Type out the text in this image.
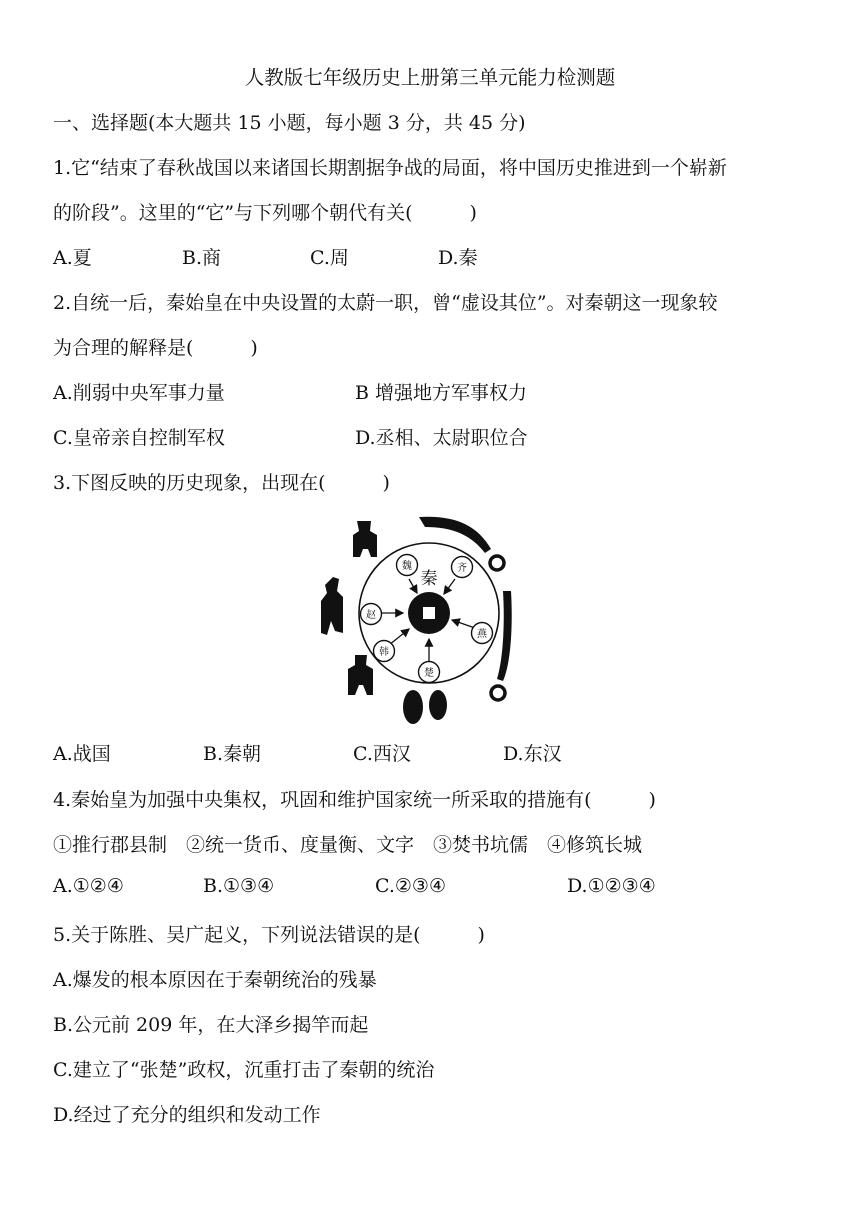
人教版七年级历史上册第三单元能力检测题
一、选择题(本大题共 15 小题，每小题 3 分，共 45 分)
1.它“结束了春秋战国以来诸国长期割据争战的局面，将中国历史推进到一个崭新
的阶段”。这里的“它”与下列哪个朝代有关(　　　)
A.夏	B.商	C.周	D.秦
2.自统一后，秦始皇在中央设置的太蔚一职，曾“虚设其位”。对秦朝这一现象较
为合理的解释是(　　　)
A.削弱中央军事力量	B 增强地方军事权力
C.皇帝亲自控制军权	D.丞相、太尉职位合
3.下图反映的历史现象，出现在(　　　)
秦
魏	齐
赵
燕
韩
楚
A.战国	B.秦朝	C.西汉	D.东汉
4.秦始皇为加强中央集权，巩固和维护国家统一所采取的措施有(　　　)
①推行郡县制　②统一货币、度量衡、文字　③焚书坑儒　④修筑长城
A.①②④	B.①③④	C.②③④	D.①②③④
5.关于陈胜、吴广起义，下列说法错误的是(　　　)
A.爆发的根本原因在于秦朝统治的残暴
B.公元前 209 年，在大泽乡揭竿而起
C.建立了“张楚”政权，沉重打击了秦朝的统治
D.经过了充分的组织和发动工作
